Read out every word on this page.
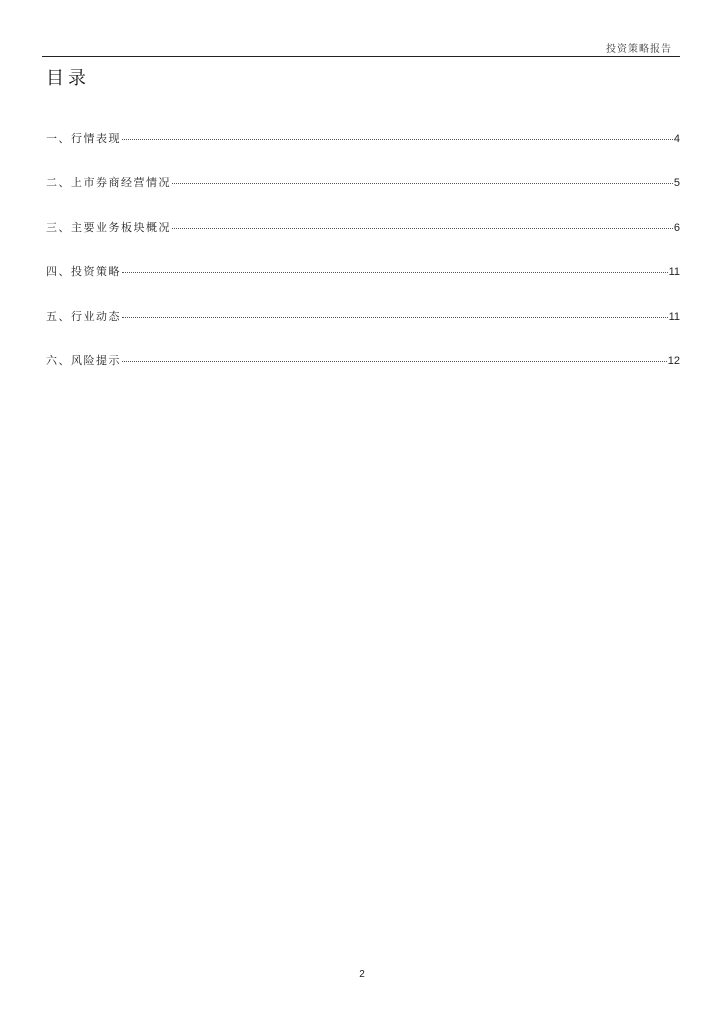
投资策略报告
目录
一、行情表现	4
二、上市券商经营情况	5
三、主要业务板块概况	6
四、投资策略	11
五、行业动态	11
六、风险提示	12
2
